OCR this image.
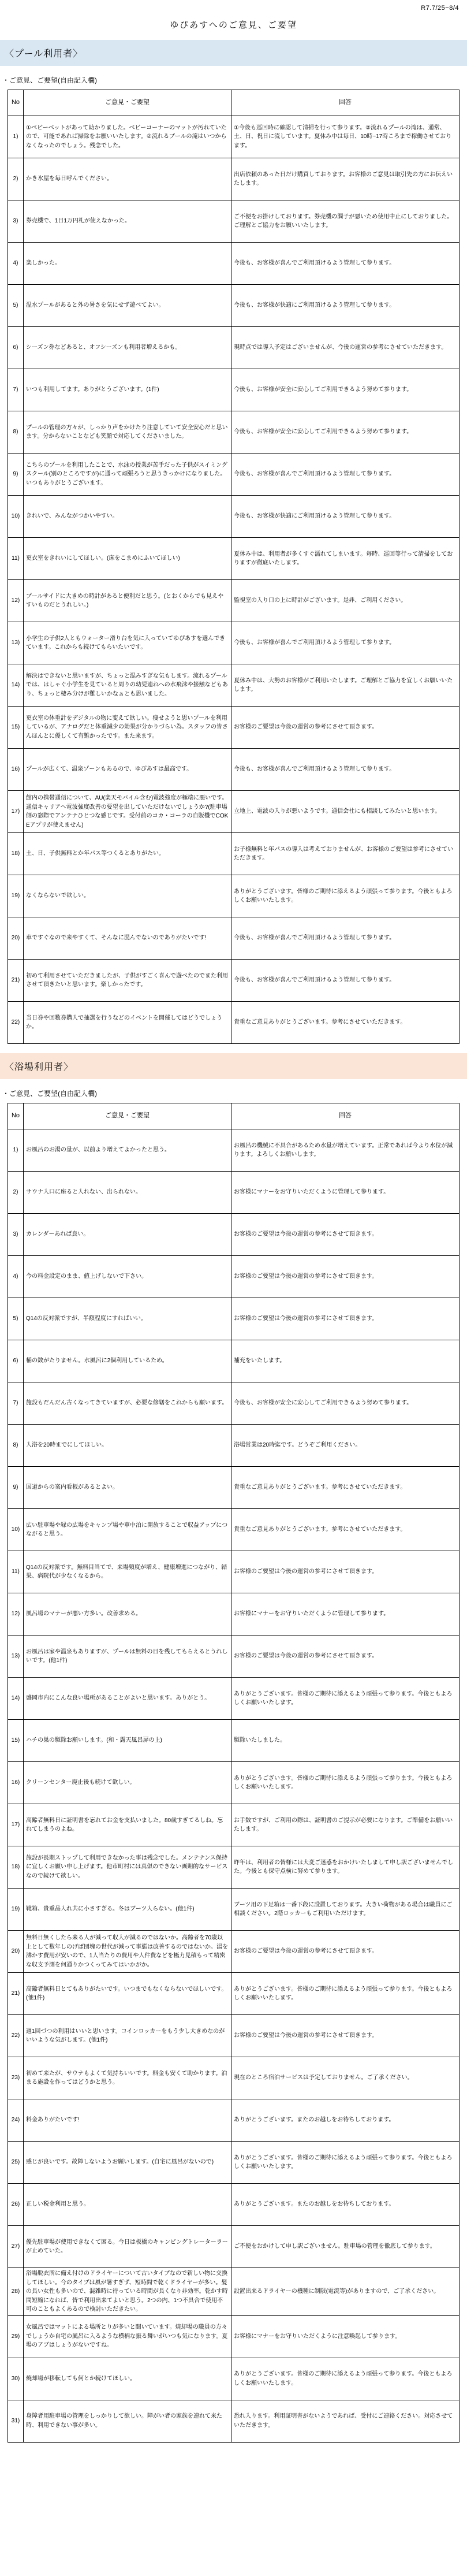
R7.7/25~8/4
ゆぴあすへのご意見、ご要望
〈プール利用者〉
・ご意見、ご要望(自由記入欄)
No	ご意見・ご要望	回答
1)	①ベビーベットがあって助かりました。ベビーコーナーのマットが汚れていたので、可能であれば掃除をお願いいたします。②流れるプールの滝はいつからなくなったのでしょう。残念でした。	①今後も巡回時に確認して清掃を行って参ります。②流れるプールの滝は、通常、土、日、祝日に流しています。夏休み中は毎日、10時~17時ころまで稼働させております。
2)	かき氷屋を毎日呼んでください。	出店依頼のあった日だけ購買しております。お客様のご意見は取引先の方にお伝えいたします。
3)	券売機で、1日1万円札が使えなかった。	ご不便をお掛けしております。券売機の調子が悪いため使用中止にしておりました。ご理解とご協力をお願いいたします。
4)	楽しかった。	今後も、お客様が喜んでご利用頂けるよう管理して参ります。
5)	温水プールがあると外の暑さを気にせず遊べてよい。	今後も、お客様が快適にご利用頂けるよう管理して参ります。
6)	シーズン券などあると、オフシーズンも利用者増えるかも。	現時点では導入予定はございませんが、今後の運営の参考にさせていただきます。
7)	いつも利用してます。ありがとうございます。(1件)	今後も、お客様が安全に安心してご利用できるよう努めて参ります。
8)	プールの管理の方々が、しっかり声をかけたり注意していて安全安心だと思います。分からないことなども笑顔で対応してくださいました。	今後も、お客様が安全に安心してご利用できるよう努めて参ります。
9)	こちらのプールを利用したことで、水泳の授業が苦手だった子供がスイミングスクール(別のところですが)に通って頑張ろうと思うきっかけになりました。いつもありがとうございます。	今後も、お客様が喜んでご利用頂けるよう管理して参ります。
10)	きれいで、みんながつかいやすい。	今後も、お客様が快適にご利用頂けるよう管理して参ります。
11)	更衣室をきれいにしてほしい。(床をこまめにふいてほしい)	夏休み中は、利用者が多くすぐ濡れてしまいます。毎時、巡回等行って清掃をしておりますが徹底いたします。
12)	プールサイドに大きめの時計があると便利だと思う。(とおくからでも見えやすいものだとうれしい。)	監視室の入り口の上に時計がございます。是非、ご利用ください。
13)	小学生の子供2人ともウォーター滑り台を気に入っていてゆぴあすを選んできています。これからも続けてもらいたいです。	今後も、お客様が喜んでご利用頂けるよう管理して参ります。
14)	解決はできないと思いますが、ちょっと混みすぎな気もします。流れるプールでは、はしゃぐ小学生を見ていると周りの幼児連れへの水飛沫や接触などもあり、ちょっと棲み分けが難しいかなぁとも思いました。	夏休み中は、大勢のお客様がご利用いたします。ご理解とご協力を宜しくお願いいたします。
15)	更衣室の体重計をデジタルの物に変えて欲しい。痩せようと思いプールを利用しているが、アナログだと体重減少の効果が分かりづらい為。スタッフの皆さんほんとに優しくて有難かったです。また来ます。	お客様のご要望は今後の運営の参考にさせて頂きます。
16)	プールが広くて、温泉ゾーンもあるので、ゆぴあすは最高です。	今後も、お客様が喜んでご利用頂けるよう管理して参ります。
17)	館内の携帯通信について、AU(楽天モバイル含む)電波強度が極端に悪いです。通信キャリアへ電波強度改善の要望を出していただけないでしょうか?(駐車場側の窓際でアンテナひとつな感じです。受付前のコカ・コーラの自販機でCOKEアプリが使えません)	立地上、電波の入りが悪いようです。通信会社にも相談してみたいと思います。
18)	土、日、子供無料とか年パス等つくるとありがたい。	お子様無料と年パスの導入は考えておりませんが、お客様のご要望は参考にさせていただきます。
19)	なくならないで欲しい。	ありがとうございます。皆様のご期待に添えるよう頑張って参ります。今後ともよろしくお願いいたします。
20)	車ですぐなので来やすくて、そんなに混んでないのでありがたいです!	今後も、お客様が喜んでご利用頂けるよう管理して参ります。
21)	初めて利用させていただきましたが、子供がすごく喜んで遊べたのでまた利用させて頂きたいと思います。楽しかったです。	今後も、お客様が喜んでご利用頂けるよう管理して参ります。
22)	当日券や回数券購入で抽選を行うなどのイベントを開催してはどうでしょうか。	貴重なご意見ありがとうございます。参考にさせていただきます。
〈浴場利用者〉
・ご意見、ご要望(自由記入欄)
No	ご意見・ご要望	回答
1)	お風呂のお湯の量が、以前より増えてよかったと思う。	お風呂の機械に不具合があるため水量が増えています。正常であれば今より水位が減ります。よろしくお願いします。
2)	サウナ入口に座ると入れない、出られない。	お客様にマナーをお守りいただくように管理して参ります。
3)	カレンダーあれば良い。	お客様のご要望は今後の運営の参考にさせて頂きます。
4)	今の料金設定のまま、値上げしないで下さい。	お客様のご要望は今後の運営の参考にさせて頂きます。
5)	Q14の反対派ですが、半額程度にすればいい。	お客様のご要望は今後の運営の参考にさせて頂きます。
6)	桶の数がたりません。水風呂に2個利用しているため。	補充をいたします。
7)	施設もだんだん古くなってきていますが、必要な修繕をこれからも願います。	今後も、お客様が安全に安心してご利用できるよう努めて参ります。
8)	入浴を20時までにしてほしい。	浴場営業は20時迄です。どうぞご利用ください。
9)	国道からの案内看板があるとよい。	貴重なご意見ありがとうございます。参考にさせていただきます。
10)	広い駐車場や緑の広場をキャンプ場や車中泊に開放することで収益アップにつながると思う。	貴重なご意見ありがとうございます。参考にさせていただきます。
11)	Q14の反対派です。無料目当てで、来場頻度が増え、健康増進につながり、結果、病院代が少なくなるから。	お客様のご要望は今後の運営の参考にさせて頂きます。
12)	風呂場のマナーが悪い方多い。改善求める。	お客様にマナーをお守りいただくように管理して参ります。
13)	お風呂は家や温泉もありますが、プールは無料の日を残してもらえるとうれしいです。(他1件)	お客様のご要望は今後の運営の参考にさせて頂きます。
14)	盛岡市内にこんな良い場所があることがよいと思います。ありがとう。	ありがとうございます。皆様のご期待に添えるよう頑張って参ります。今後ともよろしくお願いいたします。
15)	ハチの巣の駆除お願いします。(和・露天風呂扉の上)	駆除いたしました。
16)	クリーンセンター廃止後も続けて欲しい。	ありがとうございます。皆様のご期待に添えるよう頑張って参ります。今後ともよろしくお願いいたします。
17)	高齢者無料日に証明書を忘れてお金を支払いました。80歳すぎてるしね。忘れてしまうのよね。	お手数ですが、ご利用の際は、証明書のご提示が必要になります。ご準備をお願いいたします。
18)	施設が長期ストップして利用できなかった事は残念でした。メンテナンス保持に宜しくお願い申し上げます。他市町村には真似のできない画期的なサービスなので続けて欲しい。	昨年は、利用者の皆様には大変ご迷惑をおかけいたしまして申し訳ございませんでした。今後とも保守点検に努めて参ります。
19)	靴箱、貴重品入れ共に小さすぎる。冬はブーツ入らない。(他1件)	ブーツ用の下足箱は一番下段に設置しております。大きい荷物がある場合は職員にご相談ください。2階ロッカーもご利用いただけます。
20)	無料日無くしたら来る人が減って収入が減るのではないか。高齢者を70歳以上として数年しのげば団塊の世代が減って事態は改善するのではないか。湯を沸かす費用が安いので、1人当たりの費用や人件費などを極力見積もって精密な収支予測を何通りかつくってみてはいかがか。	お客様のご要望は今後の運営の参考にさせて頂きます。
21)	高齢者無料日とてもありがたいです。いつまでもなくならないでほしいです。(他1件)	ありがとうございます。皆様のご期待に添えるよう頑張って参ります。今後ともよろしくお願いいたします。
22)	週1回づつの利用はいいと思います。コインロッカーをもう少し大きめなのがいいような気がします。(他1件)	お客様のご要望は今後の運営の参考にさせて頂きます。
23)	初めて来たが、サウナもよくて気持ちいいです。料金も安くて助かります。泊まる施設を作ってはどうかと思う。	現在のところ宿泊サービスは予定しておりません。ご了承ください。
24)	料金ありがたいです!	ありがとうございます。またのお越しをお待ちしております。
25)	感じが良いです。故障しないようお願いします。(自宅に風呂がないので)	ありがとうございます。皆様のご期待に添えるよう頑張って参ります。今後ともよろしくお願いいたします。
26)	正しい税金利用と思う。	ありがとうございます。またのお越しをお待ちしております。
27)	優先駐車場が使用できなくて困る。今日は板橋のキャンピングトレーターラーが止めていた。	ご不便をおかけして申し訳ございません。駐車場の管理を徹底して参ります。
28)	浴場脱衣所に備え付けのドライヤーについて古いタイプなので新しい物に交換してほしい。今のタイプは風が暑すぎず、短時間で乾くドライヤーが多い。髪の長い女性も多いので、混雑時に待っている時間が長くなり非効率。乾かす時間短縮になれば、皆で利用出来てよいと思う。2つの内、1つ不具合で使用不可のこともよくあるので検討いただきたい。	設置出来るドライヤーの機種に制限(電流等)がありますので、ご了承ください。
29)	女風呂ではマットによる場所とりが多いと聞いています。焼却場の職員の方々でしょうか自宅の風呂に入るような横柄な振る舞いがいつも気になります。夏場のアブはしょうがないですね。	お客様にマナーをお守りいただくように注意喚起して参ります。
30)	焼却場が移転しても何とか続けてほしい。	ありがとうございます。皆様のご期待に添えるよう頑張って参ります。今後ともよろしくお願いいたします。
31)	身障者用駐車場の管理をしっかりして欲しい。障がい者の家族を連れて来た時、利用できない事が多い。	恐れ入ります。利用証明書がないようであれば、受付にご連絡ください。対応させていただきます。
